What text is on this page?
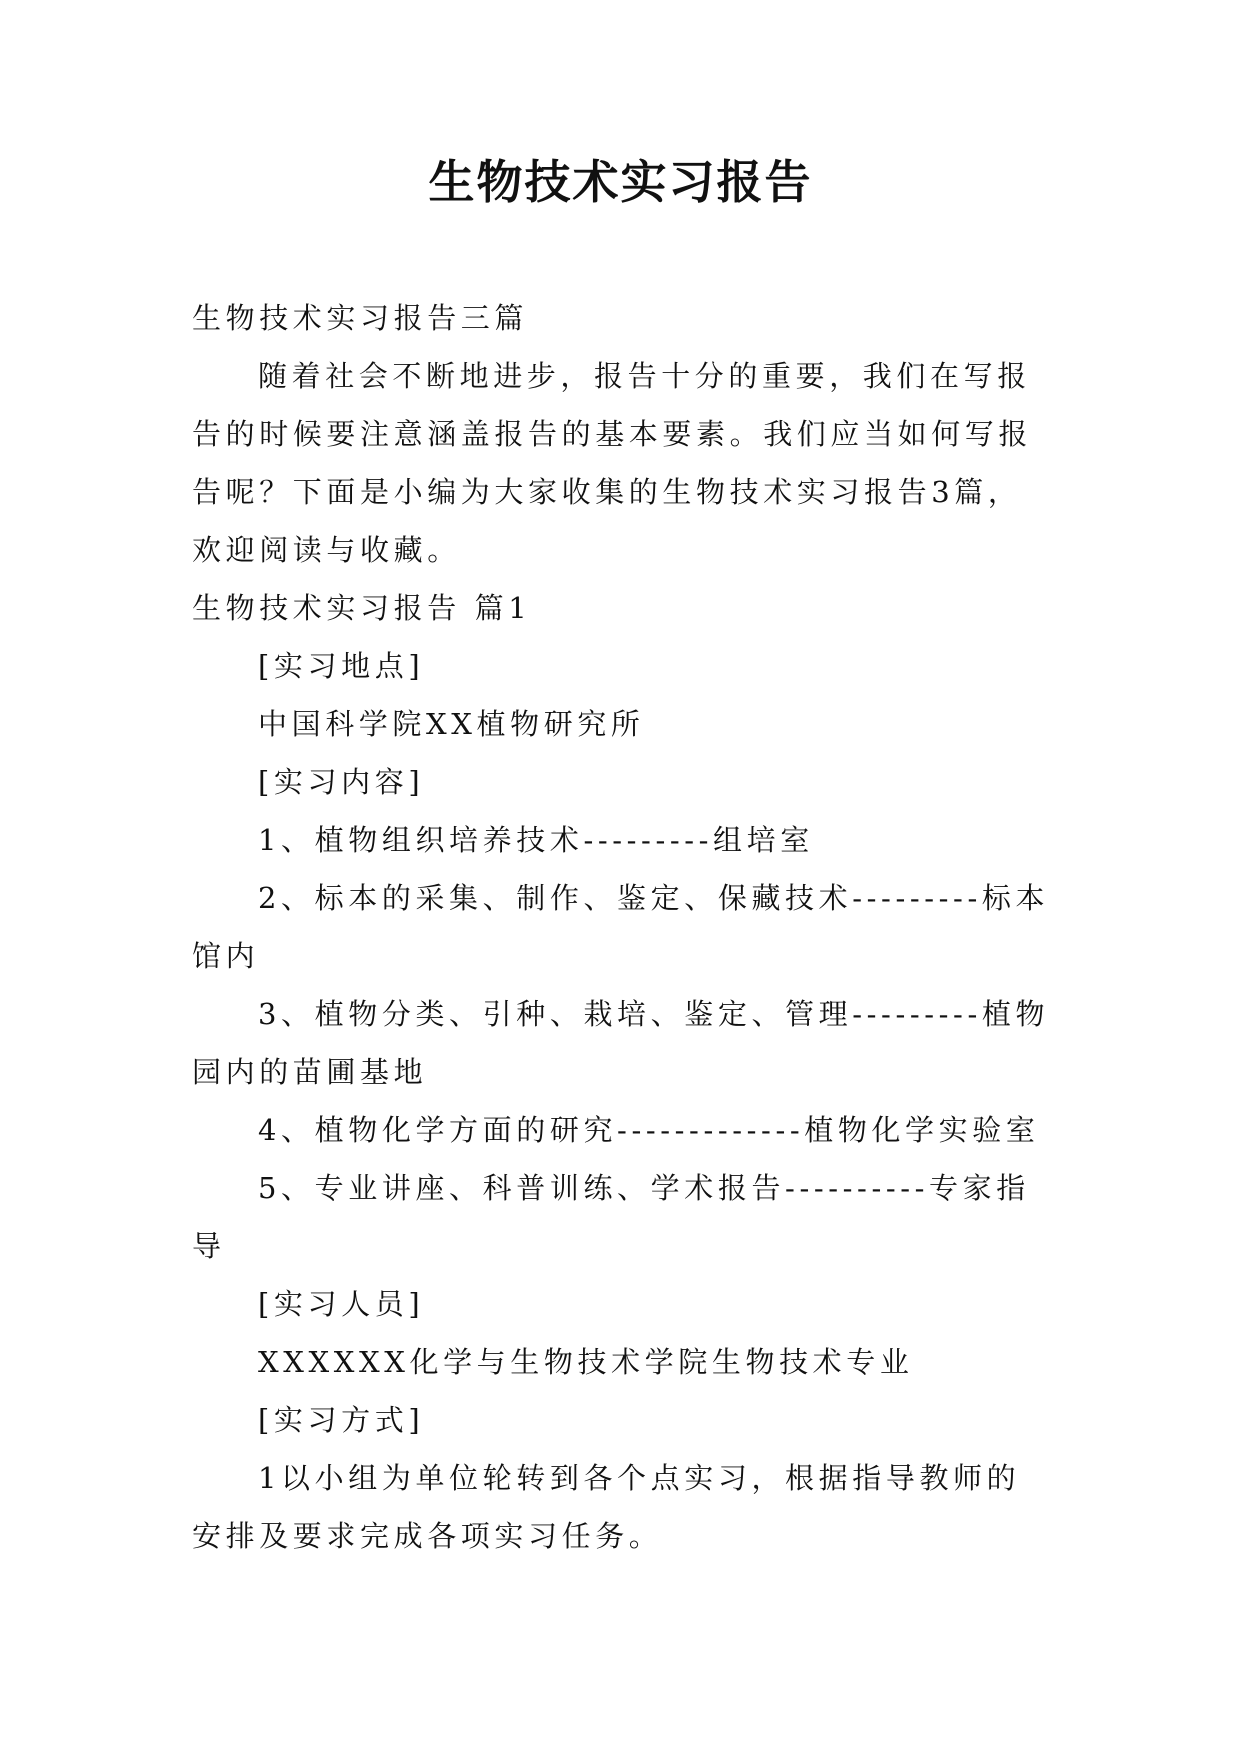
生物技术实习报告

生物技术实习报告三篇

随着社会不断地进步，报告十分的重要，我们在写报告的时候要注意涵盖报告的基本要素。我们应当如何写报告呢？下面是小编为大家收集的生物技术实习报告3篇，欢迎阅读与收藏。

生物技术实习报告 篇1

[实习地点]

中国科学院XX植物研究所

[实习内容]

1、植物组织培养技术---------组培室

2、标本的采集、制作、鉴定、保藏技术---------标本馆内

3、植物分类、引种、栽培、鉴定、管理---------植物园内的苗圃基地

4、植物化学方面的研究-------------植物化学实验室

5、专业讲座、科普训练、学术报告----------专家指导

[实习人员]

XXXXXX化学与生物技术学院生物技术专业

[实习方式]

1以小组为单位轮转到各个点实习，根据指导教师的安排及要求完成各项实习任务。
